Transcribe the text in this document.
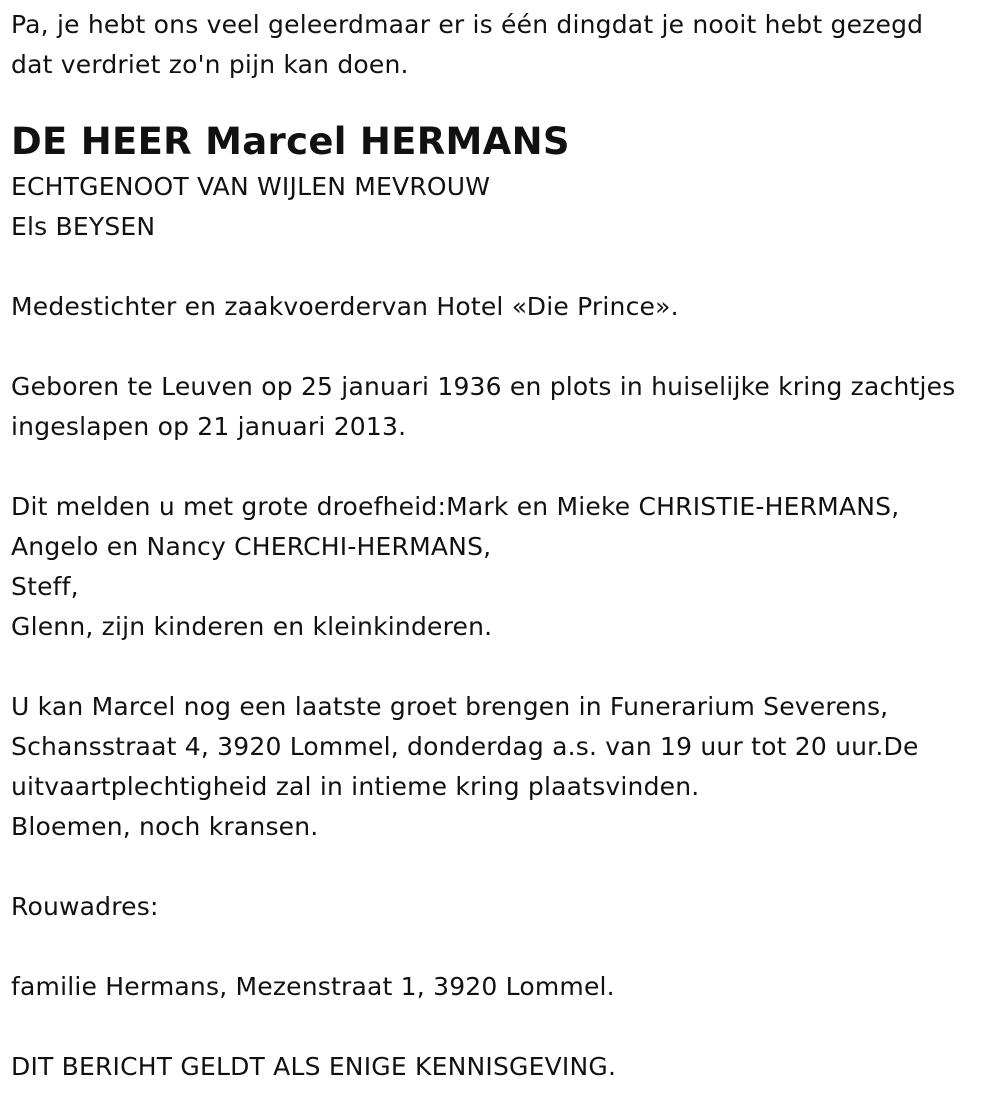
Pa, je hebt ons veel geleerdmaar er is één dingdat je nooit hebt gezegd
dat verdriet zo'n pijn kan doen.
DE HEER Marcel HERMANS
ECHTGENOOT VAN WIJLEN MEVROUW
Els BEYSEN
Medestichter en zaakvoerdervan Hotel «Die Prince».
Geboren te Leuven op 25 januari 1936 en plots in huiselijke kring zachtjes
ingeslapen op 21 januari 2013.
Dit melden u met grote droefheid:Mark en Mieke CHRISTIE-HERMANS,
Angelo en Nancy CHERCHI-HERMANS,
Steff,
Glenn, zijn kinderen en kleinkinderen.
U kan Marcel nog een laatste groet brengen in Funerarium Severens,
Schansstraat 4, 3920 Lommel, donderdag a.s. van 19 uur tot 20 uur.De
uitvaartplechtigheid zal in intieme kring plaatsvinden.
Bloemen, noch kransen.
Rouwadres:
familie Hermans, Mezenstraat 1, 3920 Lommel.
DIT BERICHT GELDT ALS ENIGE KENNISGEVING.
